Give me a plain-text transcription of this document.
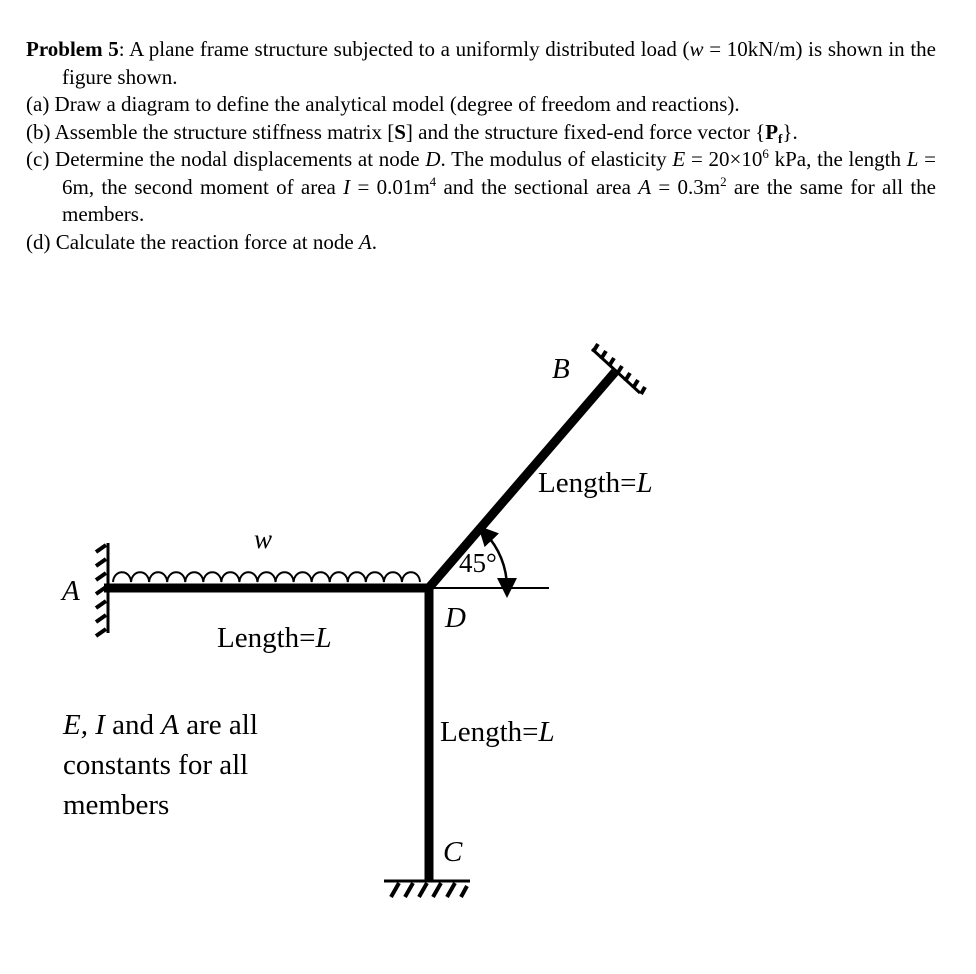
Problem 5: A plane frame structure subjected to a uniformly distributed load (w = 10kN/m) is shown in the figure shown.

(a) Draw a diagram to define the analytical model (degree of freedom and reactions).

(b) Assemble the structure stiffness matrix [S] and the structure fixed-end force vector $\{P_f\}$.

(c) Determine the nodal displacements at node D. The modulus of elasticity $E = 20\times 10^6$ kPa, the length L = 6m, the second moment of area $I = 0.01m^4$ and the sectional area $A = 0.3m^2$ are the same for all the members.

(d) Calculate the reaction force at node A.

w
A
B
C
D
45°
Length=L
Length=L
Length=L
E, I and A are all
constants for all
members
